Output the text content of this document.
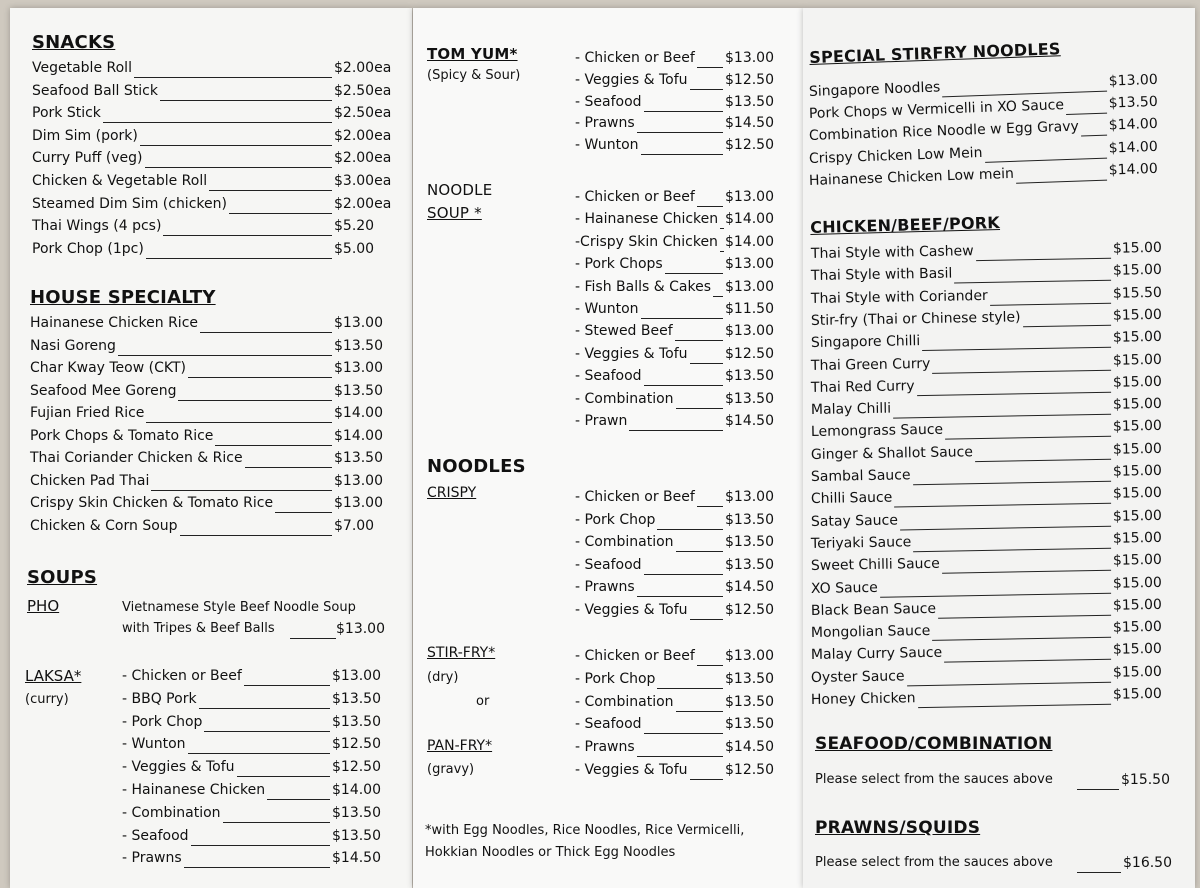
SNACKS
HOUSE SPECIALTY
SOUPS
PHO	Vietnamese Style Beef Noodle Soup
with Tripes & Beef Balls	$13.00
LAKSA*
(curry)
Vegetable Roll	$2.00ea
Seafood Ball Stick	$2.50ea
Pork Stick	$2.50ea
Dim Sim (pork)	$2.00ea
Curry Puff (veg)	$2.00ea
Chicken & Vegetable Roll	$3.00ea
Steamed Dim Sim (chicken)	$2.00ea
Thai Wings (4 pcs)	$5.20
Pork Chop (1pc)	$5.00
Hainanese Chicken Rice	$13.00
Nasi Goreng	$13.50
Char Kway Teow (CKT)	$13.00
Seafood Mee Goreng	$13.50
Fujian Fried Rice	$14.00
Pork Chops & Tomato Rice	$14.00
Thai Coriander Chicken & Rice	$13.50
Chicken Pad Thai	$13.00
Crispy Skin Chicken & Tomato Rice	$13.00
Chicken & Corn Soup	$7.00
- Chicken or Beef	$13.00
- BBQ Pork	$13.50
- Pork Chop	$13.50
- Wunton	$12.50
- Veggies & Tofu	$12.50
- Hainanese Chicken	$14.00
- Combination	$13.50
- Seafood	$13.50
- Prawns	$14.50
TOM YUM*
(Spicy & Sour)
NOODLE
SOUP *
NOODLES
CRISPY
STIR-FRY*
(dry)
or
PAN-FRY*
(gravy)
*with Egg Noodles, Rice Noodles, Rice Vermicelli,
Hokkian Noodles or Thick Egg Noodles
- Chicken or Beef $13.00
- Veggies & Tofu	$12.50
- Seafood	$13.50
- Prawns	$14.50
- Wunton	$12.50
- Chicken or Beef $13.00
- Hainanese Chicken $14.00
-Crispy Skin Chicken $14.00
- Pork Chops	$13.00
- Fish Balls & Cakes $13.00
- Wunton	$11.50
- Stewed Beef	$13.00
- Veggies & Tofu	$12.50
- Seafood	$13.50
- Combination	$13.50
- Prawn	$14.50
- Chicken or Beef $13.00
- Pork Chop	$13.50
- Combination	$13.50
- Seafood	$13.50
- Prawns	$14.50
- Veggies & Tofu	$12.50
- Chicken or Beef $13.00
- Pork Chop	$13.50
- Combination	$13.50
- Seafood	$13.50
- Prawns	$14.50
- Veggies & Tofu	$12.50
SPECIAL STIRFRY NOODLES
CHICKEN/BEEF/PORK
SEAFOOD/COMBINATION
Please select from the sauces above	$15.50
PRAWNS/SQUIDS
Please select from the sauces above	$16.50
Singapore Noodles	$13.00
Pork Chops w Vermicelli in XO Sauce	$13.50
Combination Rice Noodle w Egg Gravy $14.00
Crispy Chicken Low Mein	$14.00
Hainanese Chicken Low mein	$14.00
Thai Style with Cashew	$15.00
Thai Style with Basil	$15.00
Thai Style with Coriander	$15.50
Stir-fry (Thai or Chinese style)	$15.00
Singapore Chilli	$15.00
Thai Green Curry	$15.00
Thai Red Curry	$15.00
Malay Chilli	$15.00
Lemongrass Sauce	$15.00
Ginger & Shallot Sauce	$15.00
Sambal Sauce	$15.00
Chilli Sauce	$15.00
Satay Sauce	$15.00
Teriyaki Sauce	$15.00
Sweet Chilli Sauce	$15.00
XO Sauce	$15.00
Black Bean Sauce	$15.00
Mongolian Sauce	$15.00
Malay Curry Sauce	$15.00
Oyster Sauce	$15.00
Honey Chicken	$15.00
